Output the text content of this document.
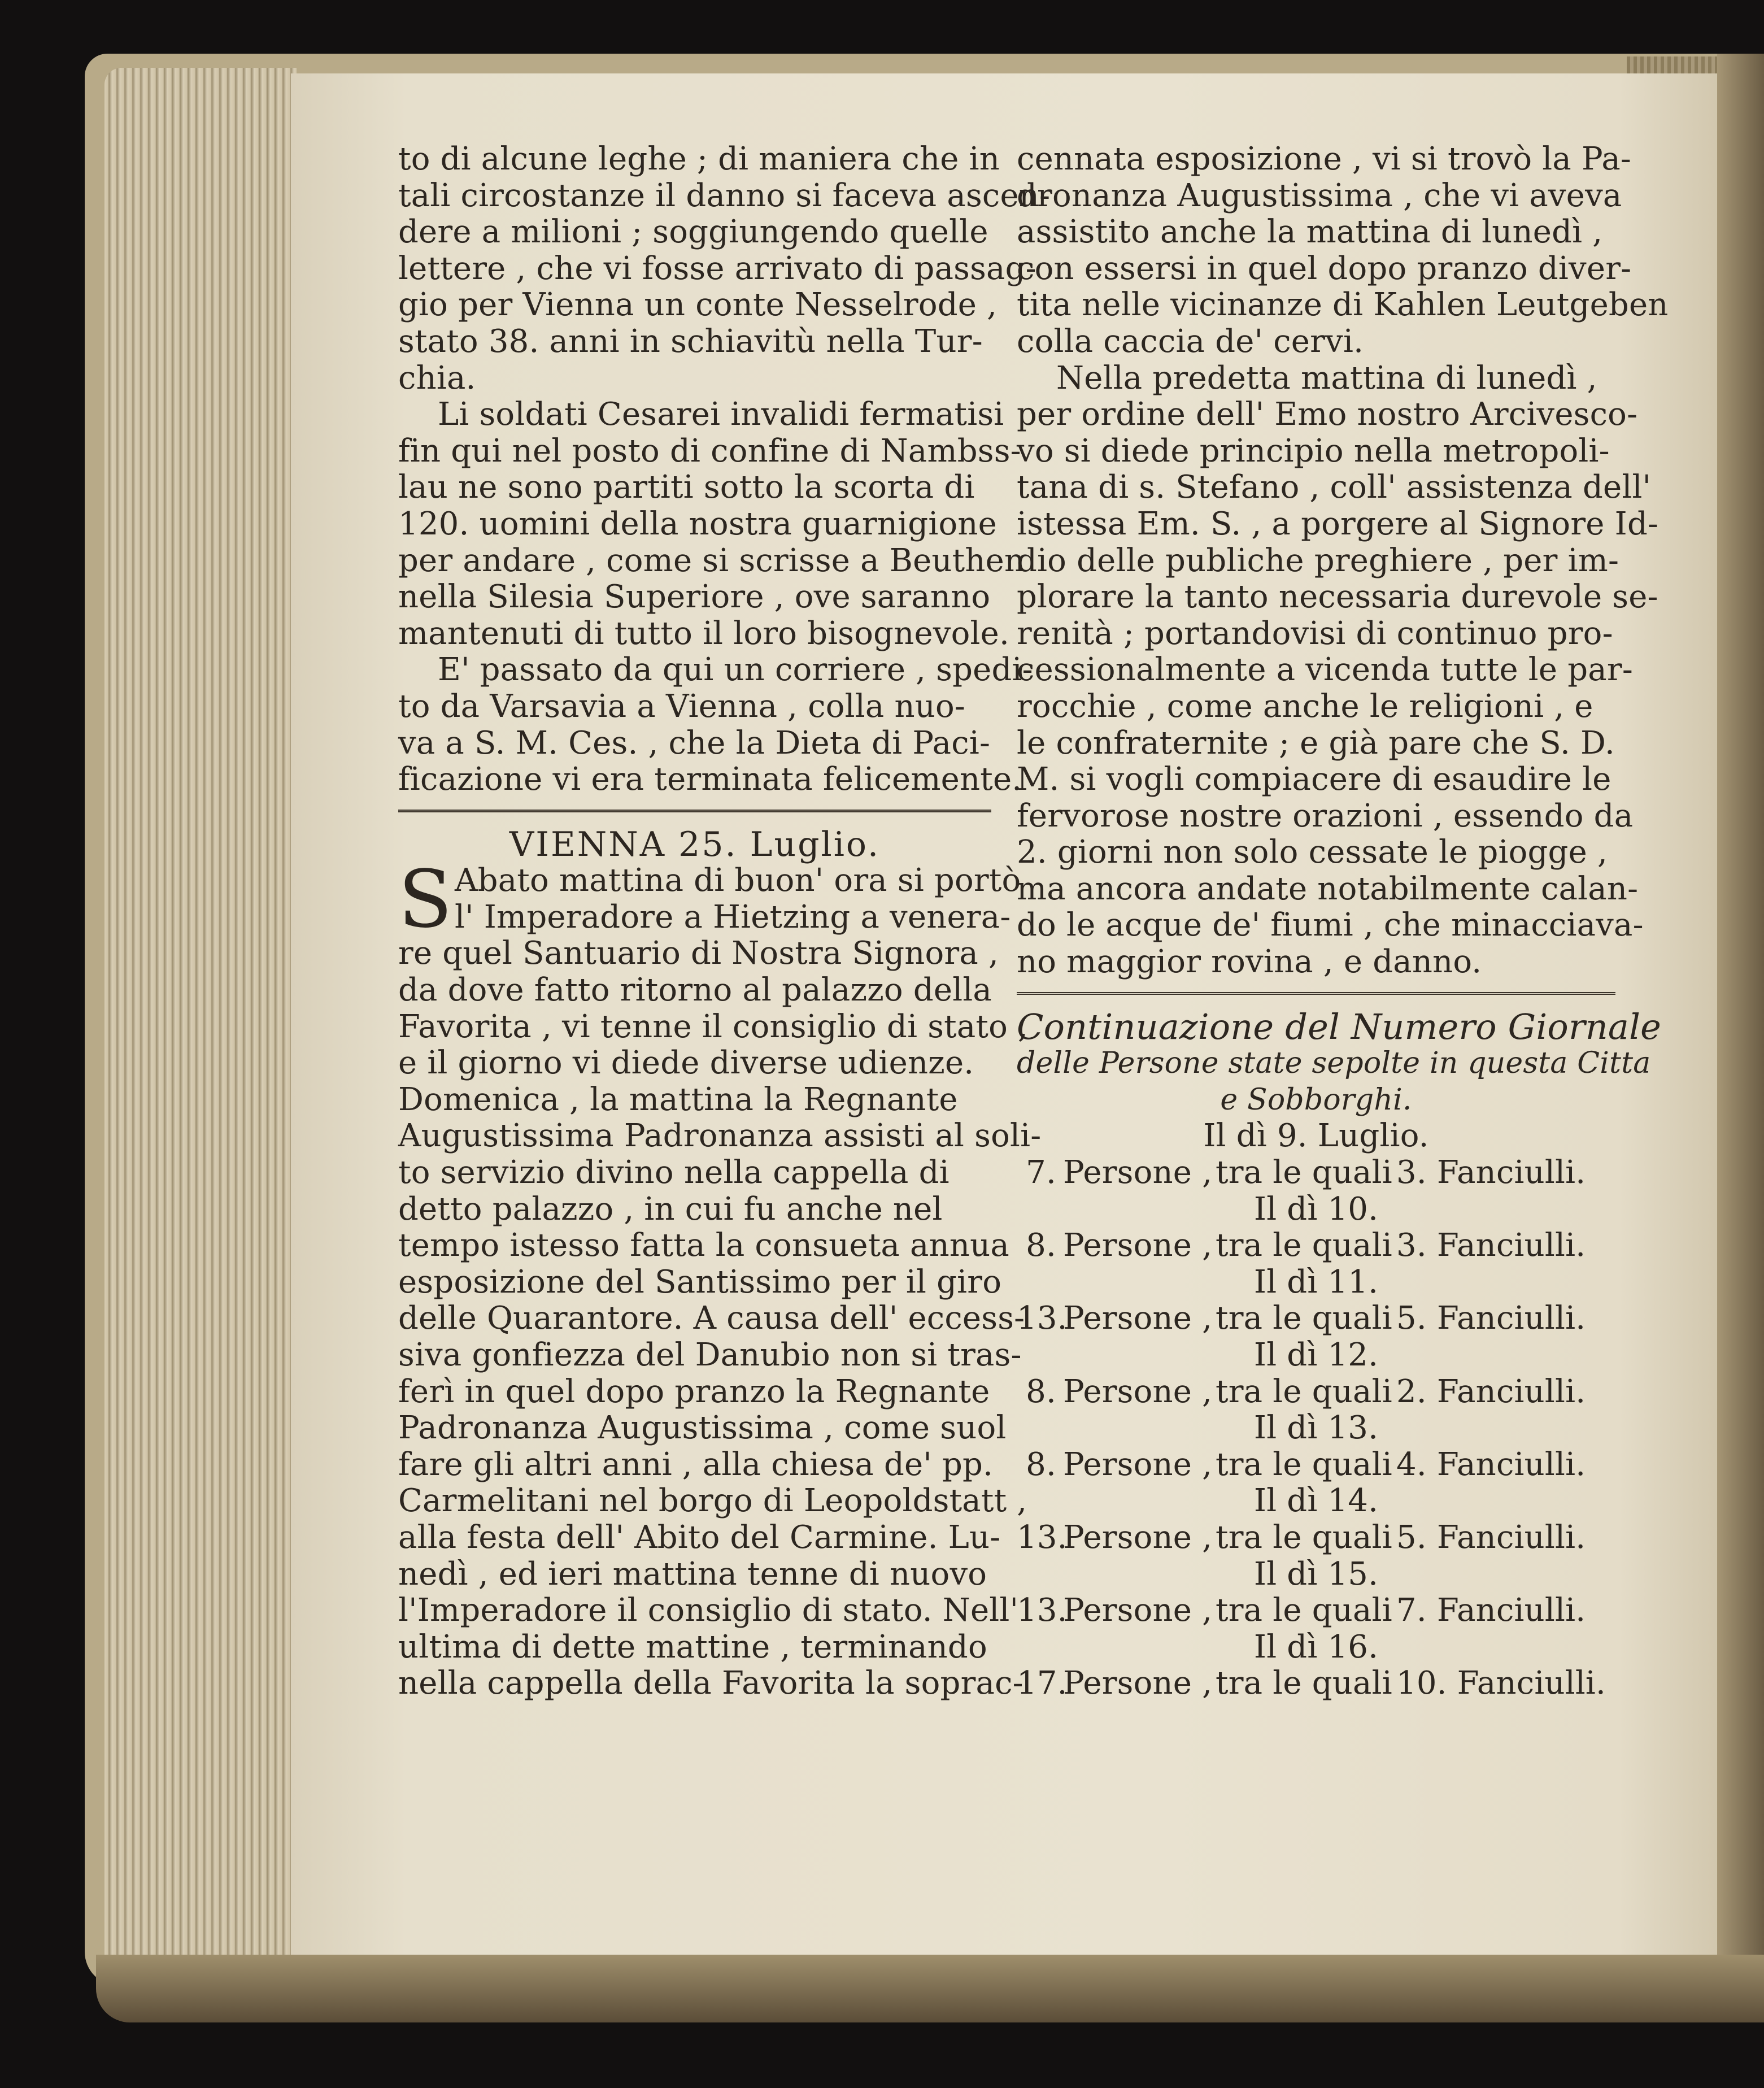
to di alcune leghe ; di maniera che in
tali circostanze il danno si faceva ascen-
dere a milioni ; soggiungendo quelle
lettere , che vi fosse arrivato di passag-
gio per Vienna un conte Nesselrode ,
stato 38. anni in schiavitù nella Tur-
chia.
Li soldati Cesarei invalidi fermatisi
fin qui nel posto di confine di Nambss-
lau ne sono partiti sotto la scorta di
120. uomini della nostra guarnigione
per andare , come si scrisse a Beuthen
nella Silesia Superiore , ove saranno
mantenuti di tutto il loro bisognevole.
E' passato da qui un corriere , spedi-
to da Varsavia a Vienna , colla nuo-
va a S. M. Ces. , che la Dieta di Paci-
ficazione vi era terminata felicemente.
VIENNA 25. Luglio.
S Abato mattina di buon' ora si portò
l' Imperadore a Hietzing a venera-
re quel Santuario di Nostra Signora ,
da dove fatto ritorno al palazzo della
Favorita , vi tenne il consiglio di stato ,
e il giorno vi diede diverse udienze.
Domenica , la mattina la Regnante
Augustissima Padronanza assisti al soli-
to servizio divino nella cappella di
detto palazzo , in cui fu anche nel
tempo istesso fatta la consueta annua
esposizione del Santissimo per il giro
delle Quarantore. A causa dell' eccess-
siva gonfiezza del Danubio non si tras-
ferì in quel dopo pranzo la Regnante
Padronanza Augustissima , come suol
fare gli altri anni , alla chiesa de' pp.
Carmelitani nel borgo di Leopoldstatt ,
alla festa dell' Abito del Carmine. Lu-
nedì , ed ieri mattina tenne di nuovo
l'Imperadore il consiglio di stato. Nell'
ultima di dette mattine , terminando
nella cappella della Favorita la soprac-
cennata esposizione , vi si trovò la Pa-
dronanza Augustissima , che vi aveva
assistito anche la mattina di lunedì ,
con essersi in quel dopo pranzo diver-
tita nelle vicinanze di Kahlen Leutgeben
colla caccia de' cervi.
Nella predetta mattina di lunedì ,
per ordine dell' Emo nostro Arcivesco-
vo si diede principio nella metropoli-
tana di s. Stefano , coll' assistenza dell'
istessa Em. S. , a porgere al Signore Id-
dio delle publiche preghiere , per im-
plorare la tanto necessaria durevole se-
renità ; portandovisi di continuo pro-
cessionalmente a vicenda tutte le par-
rocchie , come anche le religioni , e
le confraternite ; e già pare che S. D.
M. si vogli compiacere di esaudire le
fervorose nostre orazioni , essendo da
2. giorni non solo cessate le piogge ,
ma ancora andate notabilmente calan-
do le acque de' fiumi , che minacciava-
no maggior rovina , e danno.
Continuazione del Numero Giornale
delle Persone state sepolte in questa Citta
e Sobborghi.
Il dì 9. Luglio.
7. Persone , tra le quali 3. Fanciulli.
Il dì 10.
8. Persone , tra le quali 3. Fanciulli.
Il dì 11.
13.
Persone , tra le quali 5. Fanciulli.
Il dì 12.
8. Persone , tra le quali 2. Fanciulli.
Il dì 13.
8. Persone , tra le quali 4. Fanciulli.
Il dì 14.
13.
Persone , tra le quali 5. Fanciulli.
Il dì 15.
13.
Persone , tra le quali 7. Fanciulli.
Il dì 16.
17.
Persone , tra le quali 10. Fanciulli.
